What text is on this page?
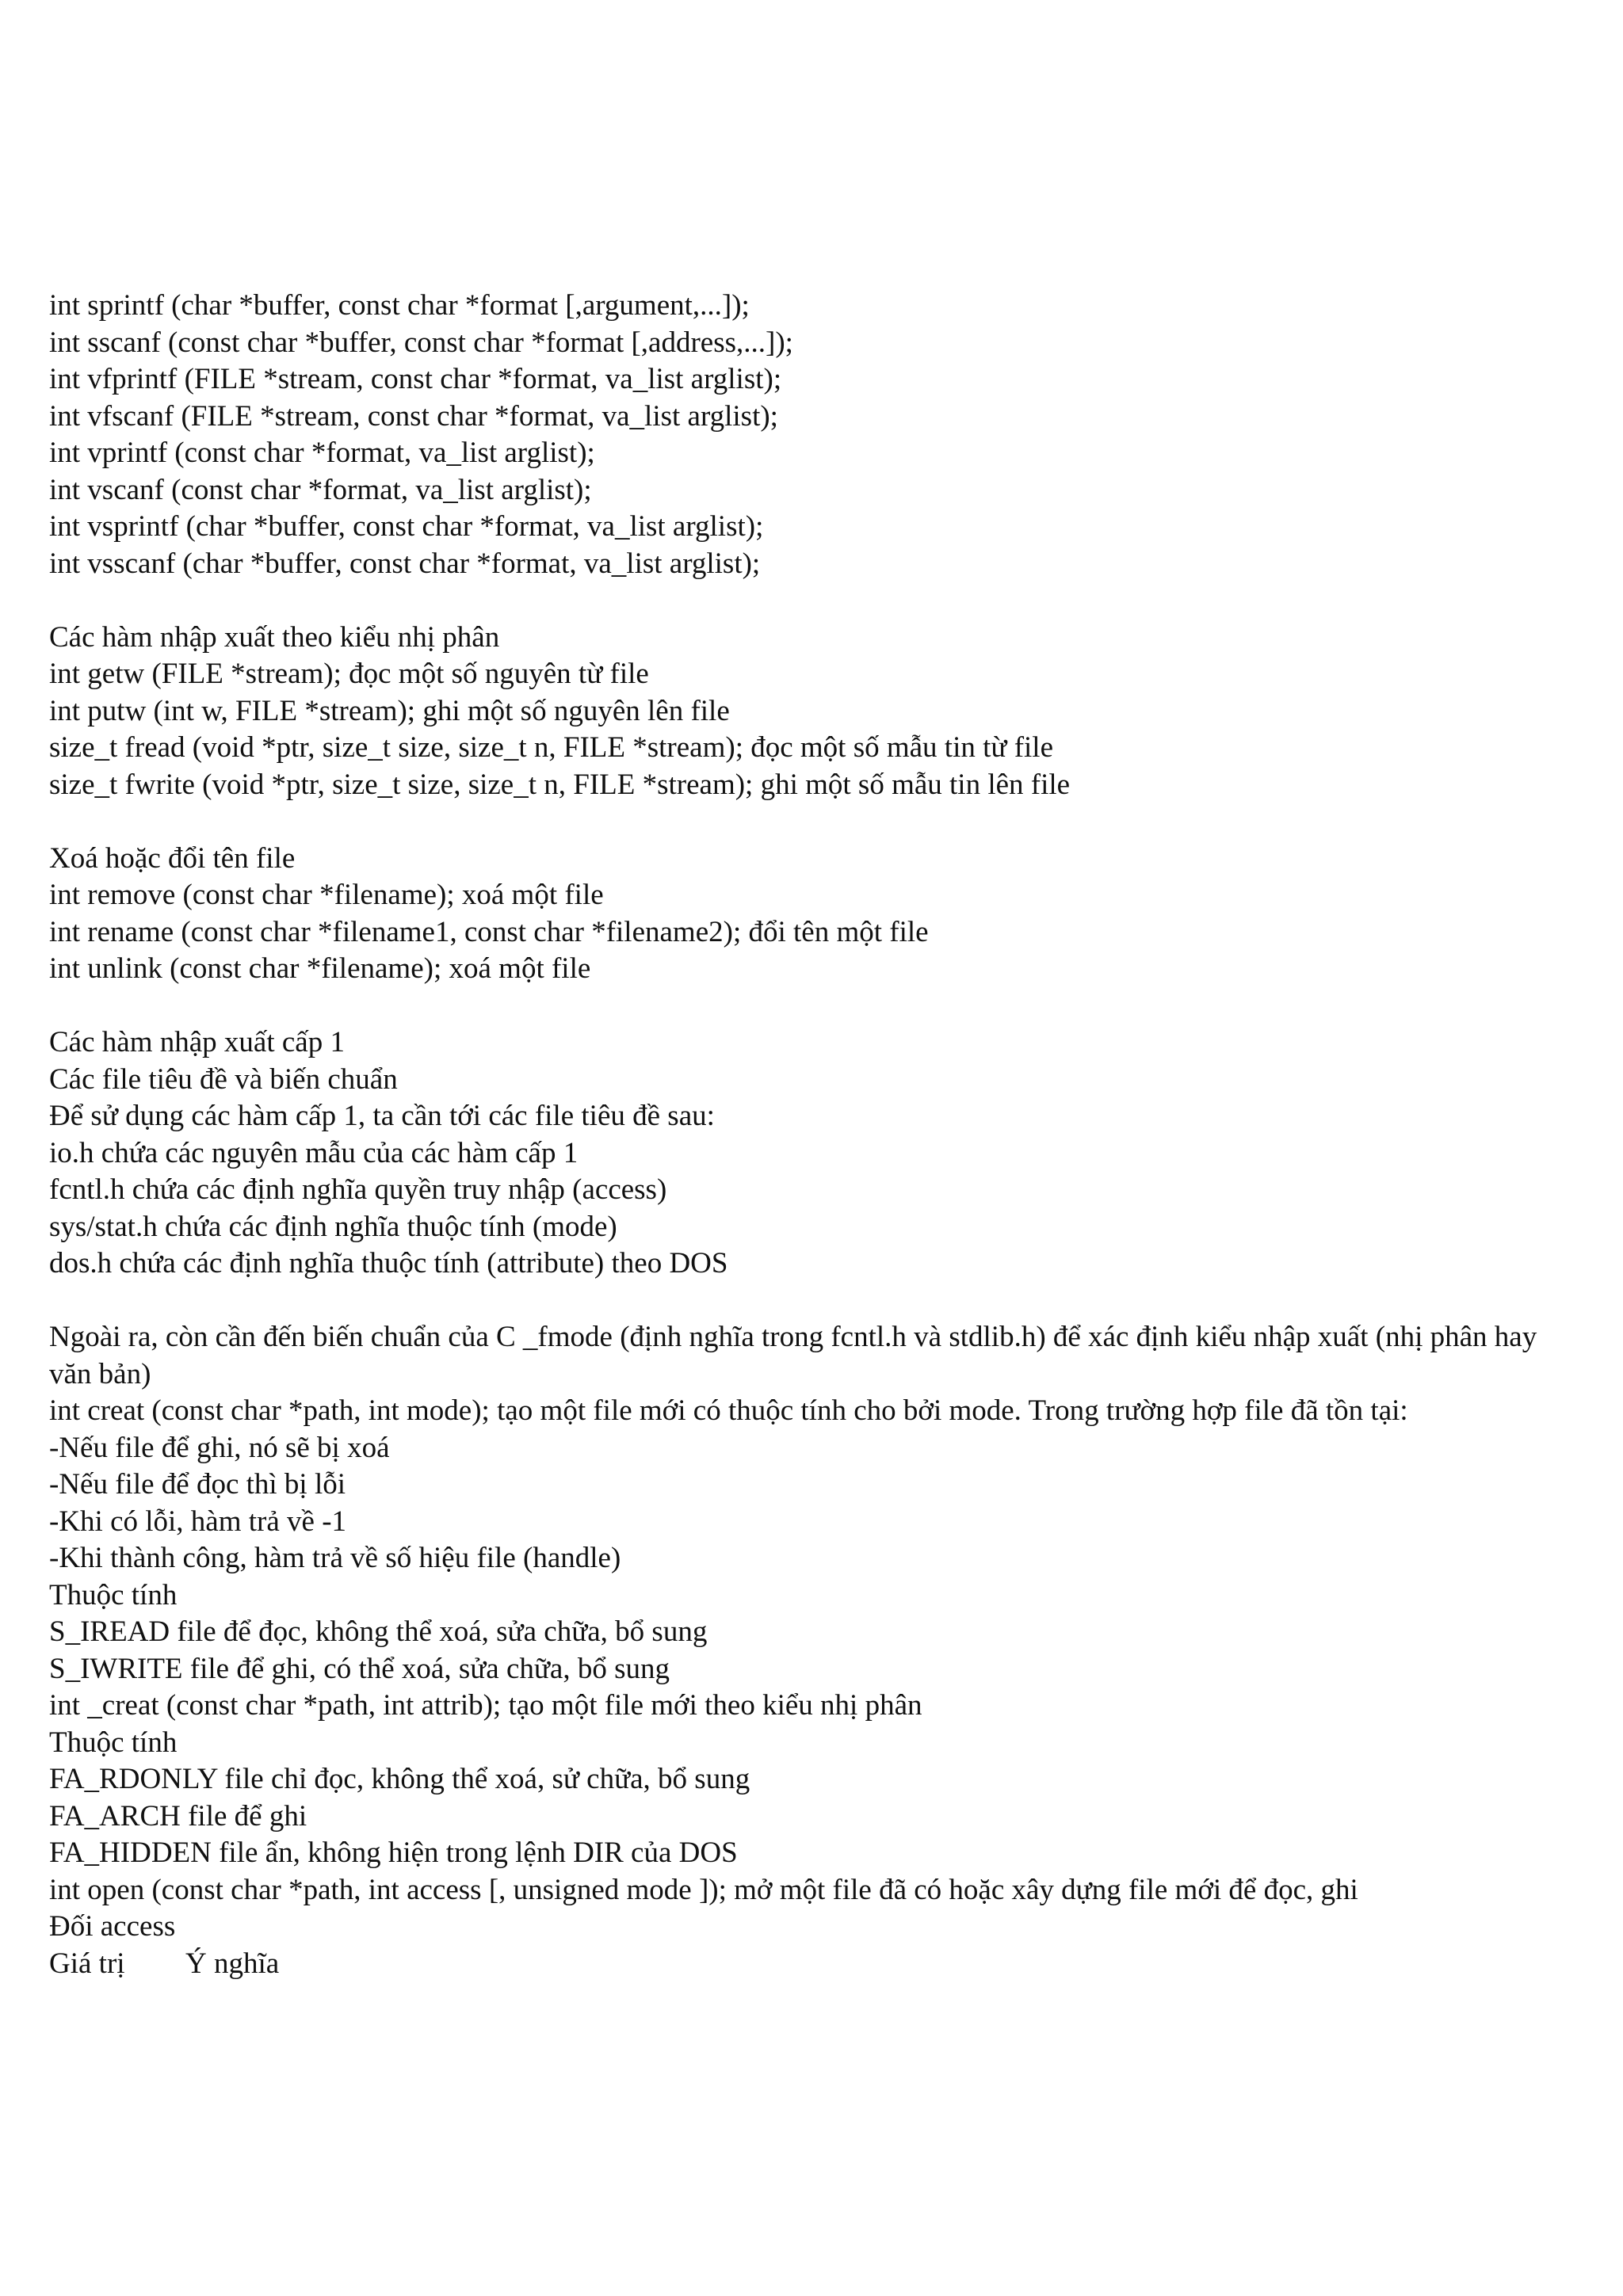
int sprintf (char *buffer, const char *format [,argument,...]);
int sscanf (const char *buffer, const char *format [,address,...]);
int vfprintf (FILE *stream, const char *format, va_list arglist);
int vfscanf (FILE *stream, const char *format, va_list arglist);
int vprintf (const char *format, va_list arglist);
int vscanf (const char *format, va_list arglist);
int vsprintf (char *buffer, const char *format, va_list arglist);
int vsscanf (char *buffer, const char *format, va_list arglist);
Các hàm nhập xuất theo kiểu nhị phân
int getw (FILE *stream); đọc một số nguyên từ file
int putw (int w, FILE *stream); ghi một số nguyên lên file
size_t fread (void *ptr, size_t size, size_t n, FILE *stream); đọc một số mẫu tin từ file
size_t fwrite (void *ptr, size_t size, size_t n, FILE *stream); ghi một số mẫu tin lên file
Xoá hoặc đổi tên file
int remove (const char *filename); xoá một file
int rename (const char *filename1, const char *filename2); đổi tên một file
int unlink (const char *filename); xoá một file
Các hàm nhập xuất cấp 1
Các file tiêu đề và biến chuẩn
Để sử dụng các hàm cấp 1, ta cần tới các file tiêu đề sau:
io.h chứa các nguyên mẫu của các hàm cấp 1
fcntl.h chứa các định nghĩa quyền truy nhập (access)
sys/stat.h chứa các định nghĩa thuộc tính (mode)
dos.h chứa các định nghĩa thuộc tính (attribute) theo DOS
Ngoài ra, còn cần đến biến chuẩn của C _fmode (định nghĩa trong fcntl.h và stdlib.h) để xác định kiểu nhập xuất (nhị phân hay văn bản)
int creat (const char *path, int mode); tạo một file mới có thuộc tính cho bởi mode. Trong trường hợp file đã tồn tại:
-Nếu file để ghi, nó sẽ bị xoá
-Nếu file để đọc thì bị lỗi
-Khi có lỗi, hàm trả về -1
-Khi thành công, hàm trả về số hiệu file (handle)
Thuộc tính
S_IREAD file để đọc, không thể xoá, sửa chữa, bổ sung
S_IWRITE file để ghi, có thể xoá, sửa chữa, bổ sung
int _creat (const char *path, int attrib); tạo một file mới theo kiểu nhị phân
Thuộc tính
FA_RDONLY file chỉ đọc, không thể xoá, sử chữa, bổ sung
FA_ARCH file để ghi
FA_HIDDEN file ẩn, không hiện trong lệnh DIR của DOS
int open (const char *path, int access [, unsigned mode ]); mở một file đã có hoặc xây dựng file mới để đọc, ghi
Đối access
Giá trị	Ý nghĩa
